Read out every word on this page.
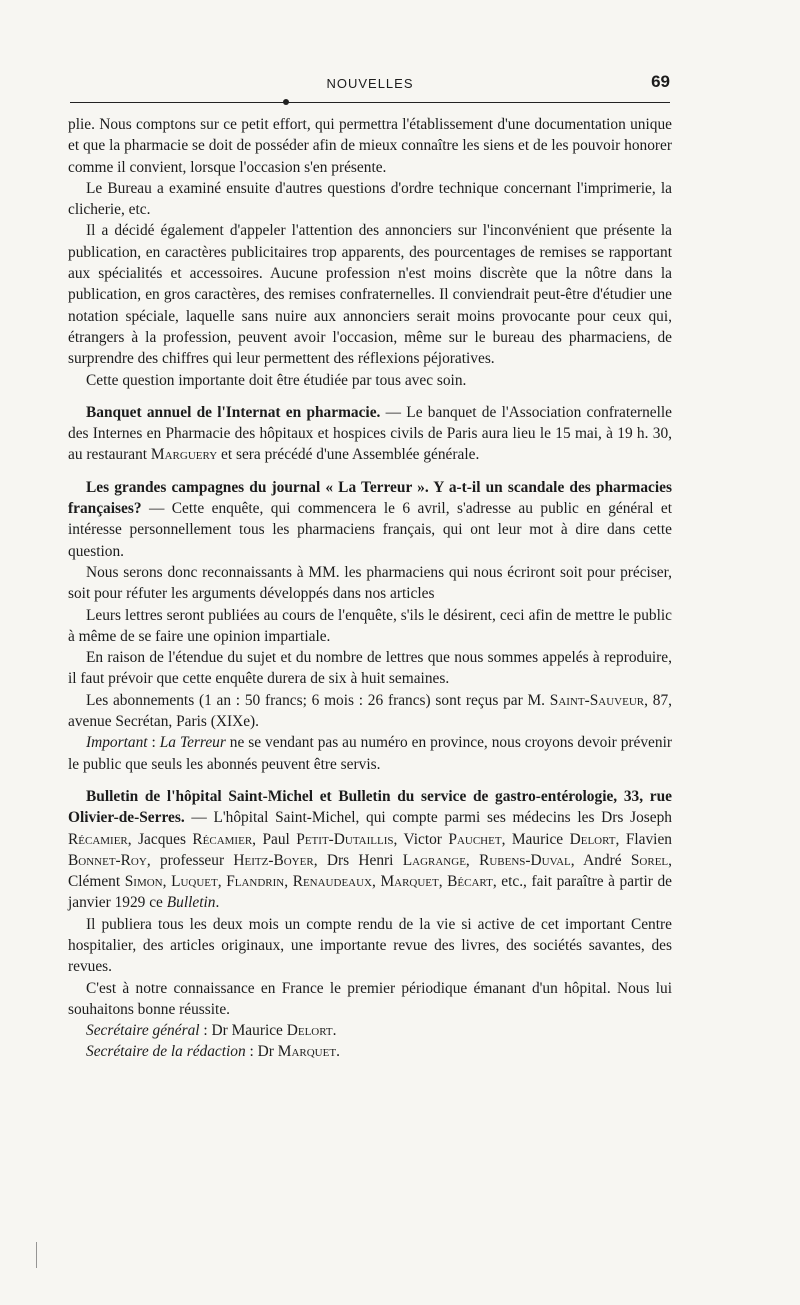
NOUVELLES	69

plie. Nous comptons sur ce petit effort, qui permettra l'établissement d'une documentation unique et que la pharmacie se doit de posséder afin de mieux connaître les siens et de les pouvoir honorer comme il convient, lorsque l'occasion s'en présente.

Le Bureau a examiné ensuite d'autres questions d'ordre technique concernant l'imprimerie, la clicherie, etc.

Il a décidé également d'appeler l'attention des annonciers sur l'inconvénient que présente la publication, en caractères publicitaires trop apparents, des pourcentages de remises se rapportant aux spécialités et accessoires. Aucune profession n'est moins discrète que la nôtre dans la publication, en gros caractères, des remises confraternelles. Il conviendrait peut-être d'étudier une notation spéciale, laquelle sans nuire aux annonciers serait moins provocante pour ceux qui, étrangers à la profession, peuvent avoir l'occasion, même sur le bureau des pharmaciens, de surprendre des chiffres qui leur permettent des réflexions péjoratives.

Cette question importante doit être étudiée par tous avec soin.

Banquet annuel de l'Internat en pharmacie. — Le banquet de l'Association confraternelle des Internes en Pharmacie des hôpitaux et hospices civils de Paris aura lieu le 15 mai, à 19 h. 30, au restaurant Marguery et sera précédé d'une Assemblée générale.

Les grandes campagnes du journal « La Terreur ». Y a-t-il un scandale des pharmacies françaises? — Cette enquête, qui commencera le 6 avril, s'adresse au public en général et intéresse personnellement tous les pharmaciens français, qui ont leur mot à dire dans cette question.

Nous serons donc reconnaissants à MM. les pharmaciens qui nous écriront soit pour préciser, soit pour réfuter les arguments développés dans nos articles

Leurs lettres seront publiées au cours de l'enquête, s'ils le désirent, ceci afin de mettre le public à même de se faire une opinion impartiale.

En raison de l'étendue du sujet et du nombre de lettres que nous sommes appelés à reproduire, il faut prévoir que cette enquête durera de six à huit semaines.

Les abonnements (1 an : 50 francs; 6 mois : 26 francs) sont reçus par M. Saint-Sauveur, 87, avenue Secrétan, Paris (XIXe).

Important : La Terreur ne se vendant pas au numéro en province, nous croyons devoir prévenir le public que seuls les abonnés peuvent être servis.

Bulletin de l'hôpital Saint-Michel et Bulletin du service de gastro-entérologie, 33, rue Olivier-de-Serres. — L'hôpital Saint-Michel, qui compte parmi ses médecins les Drs Joseph Récamier, Jacques Récamier, Paul Petit-Dutaillis, Victor Pauchet, Maurice Delort, Flavien Bonnet-Roy, professeur Heitz-Boyer, Drs Henri Lagrange, Rubens-Duval, André Sorel, Clément Simon, Luquet, Flandrin, Renaudeaux, Marquet, Bécart, etc., fait paraître à partir de janvier 1929 ce Bulletin.

Il publiera tous les deux mois un compte rendu de la vie si active de cet important Centre hospitalier, des articles originaux, une importante revue des livres, des sociétés savantes, des revues.

C'est à notre connaissance en France le premier périodique émanant d'un hôpital. Nous lui souhaitons bonne réussite.

Secrétaire général : Dr Maurice Delort.

Secrétaire de la rédaction : Dr Marquet.
